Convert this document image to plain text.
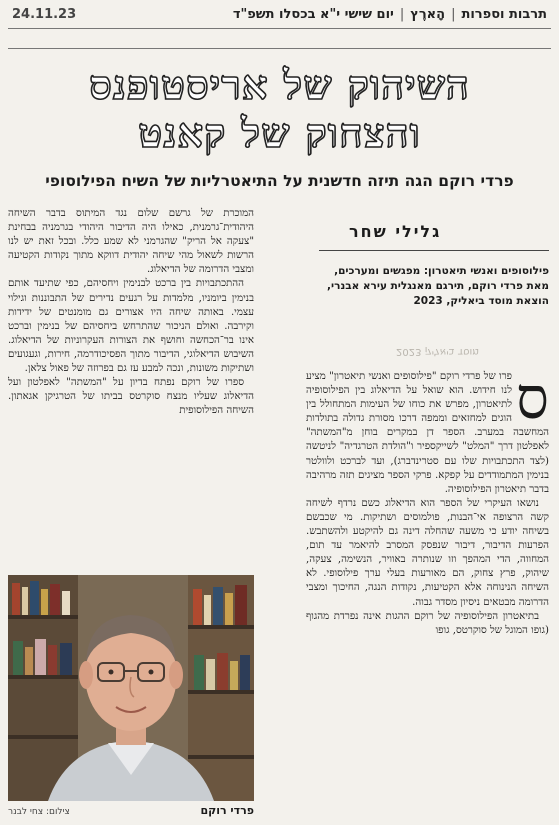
תרבות וספרות
|
הָארֶץ
|
יום שישי י"א בכסלו תשפ"ד
24.11.23
השיהוק של אריסטופנס
והצחוק של קאנט
פרדי רוקם הגה תיזה חדשנית על התיאטרליות של השיח הפילוסופי
גלילי שחר
פילוסופים ואנשי תיאטרון: מפגשים ומערכים, מאת פרדי רוקם, תירגם מאנגלית עירא אבנרי, הוצאת מוסד ביאליק, 2023
מוסד ביאליק 2023

ס
פרו של פרדי רוקם "פילוסופים ואנשי תיאטרון" מציע לנו חידוש. הוא שואל על הדיאלוג בין הפילוסופיה לתיאטרון, מפרש את כוחו של העימות המתחולל בין הוגים למחזאים וממפה דרכו מסורת גדולה בתולדות המחשבה במערב. הספר דן במקרים בוחן מ"המשתה" לאפלטון דרך "המלט" לשייקספיר ו"הולדת הטרגדיה" לניטשה (לצד התכתבויות שלו עם סטרינדברג), ועד לברכט ולוולטר בנימין המתמודדים על קפקא. פרקי הספר מציגים תזה מרהיבה בדבר תיאטרון הפילוסופיה.

נושאו העיקרי של הספר הוא הדיאלוג כשם נרדף לשיחה קשה הרצופה אי־הבנות, פולמוסים ושתיקות. מי שכבשם בשיחה יודע כי משעה שהחלה דינה גם להיקטע ולהשתבש. הפרעות הדיבור, דיבור שנפסק המסרב להיאמר עד תום, המחווה, הדי המהפך וזו שנותרה באוויר, הנשימה, צעקה, שיהוק, פרץ צחוק, הם מאורעות בעלי ערך פילוסופי. לא השיחה הנינוחה אלא הקטיעות, נקודות הנגה, החיכוך ומצבי הדרומה מבטאים ניסיון מסדר גבוה.

בתיאטרון הפילוסופיה של רוקם ההגות אינה נפרדת מהגוף (גופו המוגל של סוקרטס, גופו

המוכרת של גרשם שלום נגד המיתוס בדבר השיחה היהודית־גרמנית, כאילו היה הדיבור היהודי בגרמניה בבחינת "צעקה אל הריק" שהגרמני לא שמע כלל. ובכל זאת יש לנו הרשות לשאול מהי שיחה יהודית דווקא מתוך נקודות הקטיעה ומצבי הדרומה של הדיאלוג.

ההתכתבויות בין ברכט לבנימין ויחסיהם, כפי שתיעד אותם בנימין ביומניו, מלמדות על רגעים נדירים של התבוננות וגילוי עצמי. באותה שיחה היו אצורים גם מומנטים של ידידות וקירבה. ואולם הניכור שהתרחש ביחסיהם של בנימין וברכט אינו בר־הכחשה וחושף את הצורות העקרוניות של הדיאלוג. השיבוש הדיאלוגי, הדיבור מתוך הפסיכודרמה, חירות, וגעגועים ושתיקות משונות, ונכה למבע עז גם בפרוזה של פאול צלאן.

ספרו של רוקם נפתח בדיון על "המשתה" לאפלטון ועל הדיאלוג שעליו מנצח סוקרטס בביתו של הטרגיקן אגאתון. השיחה הפילוסופית

פרדי רוקם
צילום: צחי לבנר
